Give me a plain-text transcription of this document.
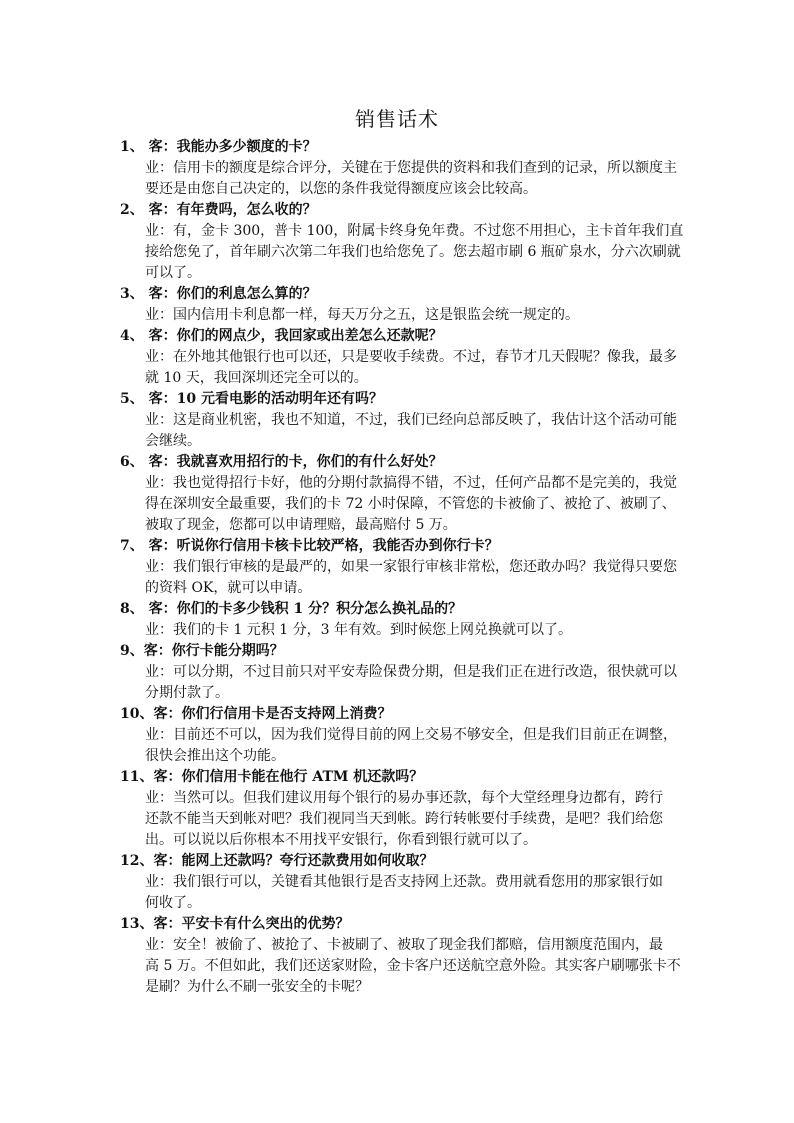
销售话术
1、 客：我能办多少额度的卡？
业：信用卡的额度是综合评分，关键在于您提供的资料和我们查到的记录，所以额度主
要还是由您自己决定的，以您的条件我觉得额度应该会比较高。
2、 客：有年费吗，怎么收的？
业：有，金卡 300，普卡 100，附属卡终身免年费。不过您不用担心，主卡首年我们直
接给您免了，首年刷六次第二年我们也给您免了。您去超市刷 6 瓶矿泉水，分六次刷就
可以了。
3、 客：你们的利息怎么算的？
业：国内信用卡利息都一样，每天万分之五，这是银监会统一规定的。
4、 客：你们的网点少，我回家或出差怎么还款呢？
业：在外地其他银行也可以还，只是要收手续费。不过，春节才几天假呢？像我，最多
就 10 天，我回深圳还完全可以的。
5、 客：10 元看电影的活动明年还有吗？
业：这是商业机密，我也不知道，不过，我们已经向总部反映了，我估计这个活动可能
会继续。
6、 客：我就喜欢用招行的卡，你们的有什么好处？
业：我也觉得招行卡好，他的分期付款搞得不错，不过，任何产品都不是完美的，我觉
得在深圳安全最重要，我们的卡 72 小时保障，不管您的卡被偷了、被抢了、被刷了、
被取了现金，您都可以申请理赔，最高赔付 5 万。
7、 客：听说你行信用卡核卡比较严格，我能否办到你行卡？
业：我们银行审核的是最严的，如果一家银行审核非常松，您还敢办吗？我觉得只要您
的资料 OK，就可以申请。
8、 客：你们的卡多少钱积 1 分？积分怎么换礼品的？
业：我们的卡 1 元积 1 分，3 年有效。到时候您上网兑换就可以了。
9、客：你行卡能分期吗？
业：可以分期，不过目前只对平安寿险保费分期，但是我们正在进行改造，很快就可以
分期付款了。
10、客：你们行信用卡是否支持网上消费？
业：目前还不可以，因为我们觉得目前的网上交易不够安全，但是我们目前正在调整，
很快会推出这个功能。
11、客：你们信用卡能在他行 ATM 机还款吗？
业：当然可以。但我们建议用每个银行的易办事还款，每个大堂经理身边都有，跨行
还款不能当天到帐对吧？我们视同当天到帐。跨行转帐要付手续费，是吧？我们给您
出。可以说以后你根本不用找平安银行，你看到银行就可以了。
12、客：能网上还款吗？夸行还款费用如何收取？
业：我们银行可以，关键看其他银行是否支持网上还款。费用就看您用的那家银行如
何收了。
13、客：平安卡有什么突出的优势？
业：安全！被偷了、被抢了、卡被刷了、被取了现金我们都赔，信用额度范围内，最
高 5 万。不但如此，我们还送家财险，金卡客户还送航空意外险。其实客户刷哪张卡不
是刷？为什么不刷一张安全的卡呢？
